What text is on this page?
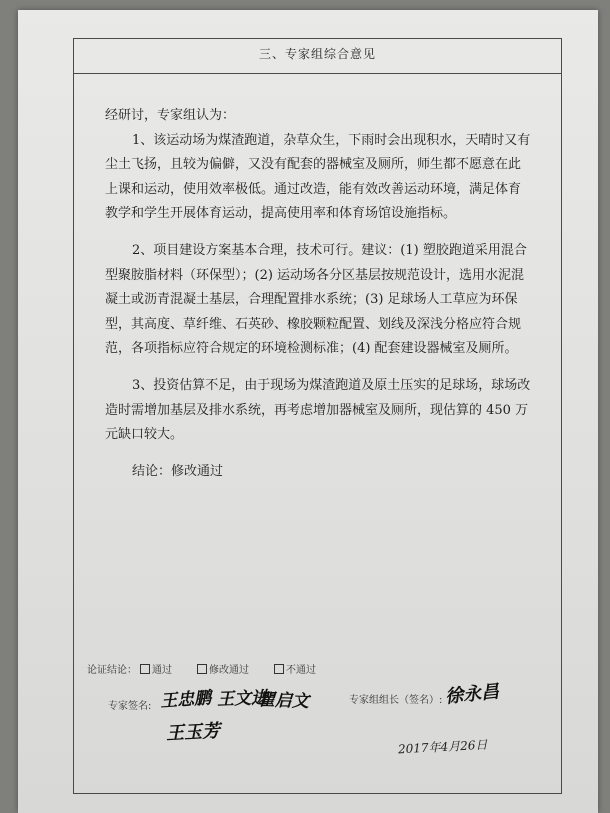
三、专家组综合意见

经研讨，专家组认为：

1、该运动场为煤渣跑道，杂草众生，下雨时会出现积水，天晴时又有尘土飞扬，且较为偏僻，又没有配套的器械室及厕所，师生都不愿意在此上课和运动，使用效率极低。通过改造，能有效改善运动环境，满足体育教学和学生开展体育运动，提高使用率和体育场馆设施指标。

2、项目建设方案基本合理，技术可行。建议：(1) 塑胶跑道采用混合型聚胺脂材料（环保型）；(2) 运动场各分区基层按规范设计，选用水泥混凝土或沥青混凝土基层，合理配置排水系统；(3) 足球场人工草应为环保型，其高度、草纤维、石英砂、橡胶颗粒配置、划线及深浅分格应符合规范，各项指标应符合规定的环境检测标准；(4) 配套建设器械室及厕所。

3、投资估算不足，由于现场为煤渣跑道及原土压实的足球场，球场改造时需增加基层及排水系统，再考虑增加器械室及厕所，现估算的 450 万元缺口较大。

结论：修改通过

论证结论： 通过	修改通过	不通过
专家签名:
专家组组长（签名）:
王忠鹏 王文进
瞿启文
王玉芳
徐永昌
2017年4月26日
